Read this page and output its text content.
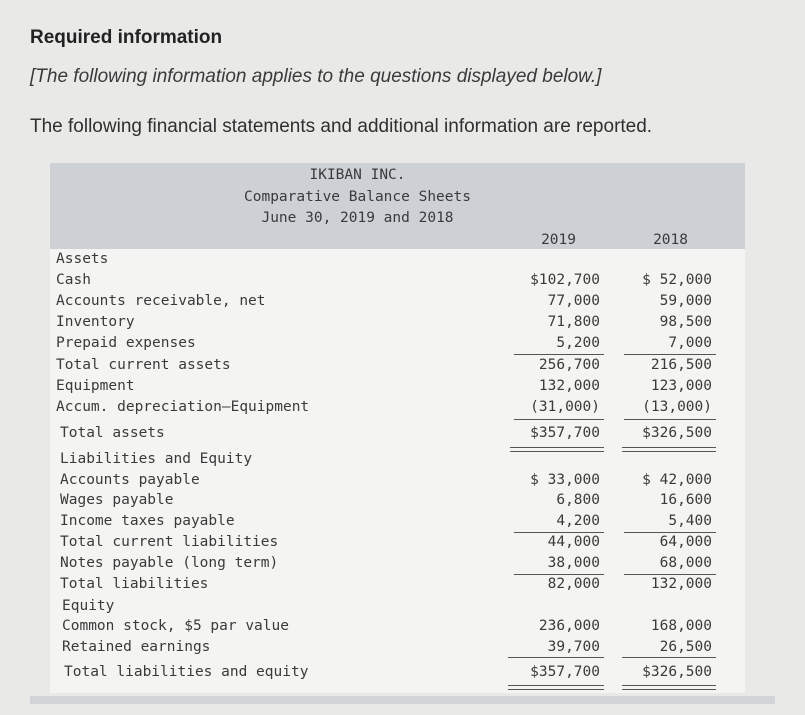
Required information
[The following information applies to the questions displayed below.]
The following financial statements and additional information are reported.
IKIBAN INC.
Comparative Balance Sheets
June 30, 2019 and 2018
2019	2018
Assets
Cash	$102,700	$ 52,000
Accounts receivable, net	77,000	59,000
Inventory	71,800	98,500
Prepaid expenses	5,200	7,000
Total current assets	256,700	216,500
Equipment	132,000	123,000
Accum. depreciation–Equipment	(31,000)	(13,000)
Total assets	$357,700	$326,500
Liabilities and Equity
Accounts payable	$ 33,000	$ 42,000
Wages payable	6,800	16,600
Income taxes payable	4,200	5,400
Total current liabilities	44,000	64,000
Notes payable (long term)	38,000	68,000
Total liabilities	82,000	132,000
Equity
Common stock, $5 par value	236,000	168,000
Retained earnings	39,700	26,500
Total liabilities and equity	$357,700	$326,500
